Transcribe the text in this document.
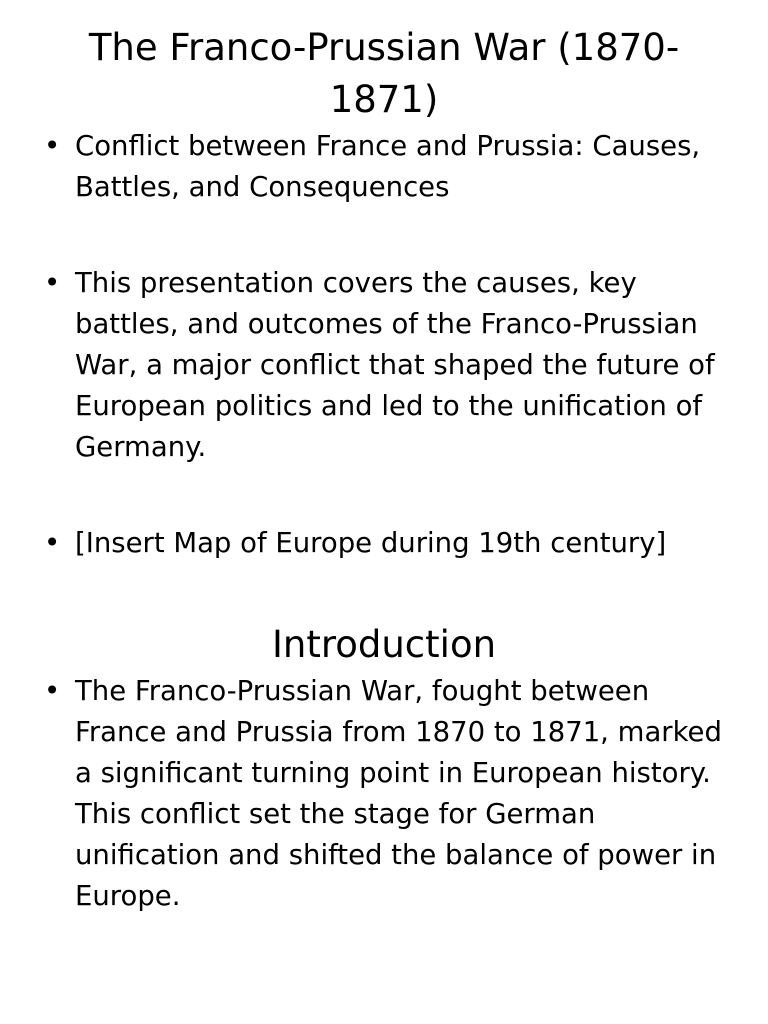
The Franco-Prussian War (1870-1871)
• Conflict between France and Prussia: Causes, Battles, and Consequences
• This presentation covers the causes, key battles, and outcomes of the Franco-Prussian War, a major conflict that shaped the future of European politics and led to the unification of Germany.
• [Insert Map of Europe during 19th century]
Introduction
• The Franco-Prussian War, fought between France and Prussia from 1870 to 1871, marked a significant turning point in European history. This conflict set the stage for German unification and shifted the balance of power in Europe.
